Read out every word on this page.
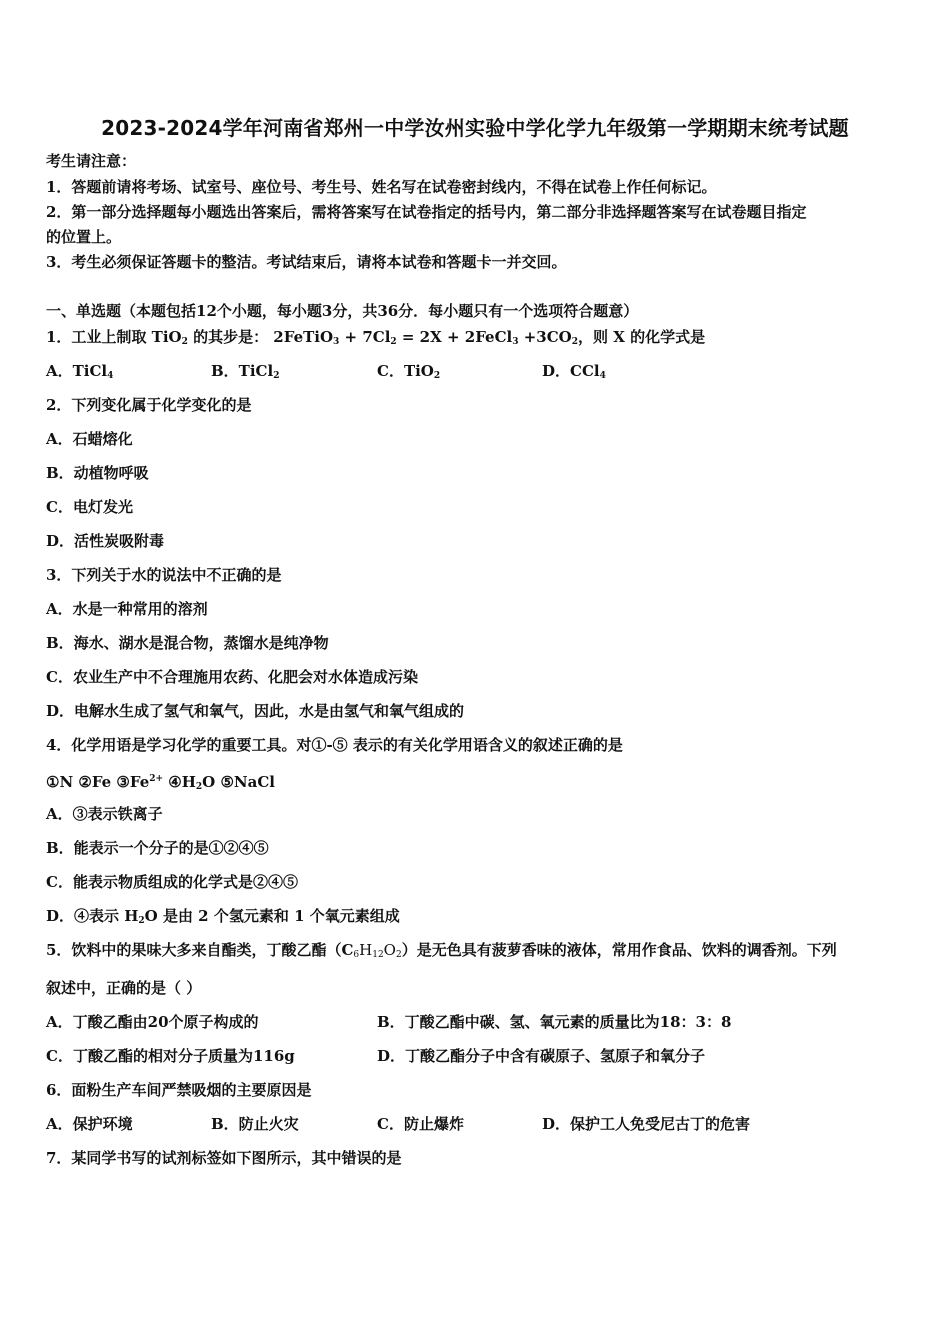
2023-2024学年河南省郑州一中学汝州实验中学化学九年级第一学期期末统考试题
考生请注意：
1．答题前请将考场、试室号、座位号、考生号、姓名写在试卷密封线内，不得在试卷上作任何标记。
2．第一部分选择题每小题选出答案后，需将答案写在试卷指定的括号内，第二部分非选择题答案写在试卷题目指定
的位置上。
3．考生必须保证答题卡的整洁。考试结束后，请将本试卷和答题卡一并交回。
一、单选题（本题包括12个小题，每小题3分，共36分．每小题只有一个选项符合题意）
1．工业上制取 TiO$_2$ 的其步是： 2FeTiO$_3$ + $7Cl_2 = 2X$ + 2FeCl$_3$ $+3CO_2$，则 X 的化学式是
A．TiCl$_4$	B．TiCl$_2$	C．TiO$_2$	D．CCl$_4$
2．下列变化属于化学变化的是
A．石蜡熔化
B．动植物呼吸
C．电灯发光
D．活性炭吸附毒
3．下列关于水的说法中不正确的是
A．水是一种常用的溶剂
B．海水、湖水是混合物，蒸馏水是纯净物
C．农业生产中不合理施用农药、化肥会对水体造成污染
D．电解水生成了氢气和氧气，因此，水是由氢气和氧气组成的
4．化学用语是学习化学的重要工具。对①-⑤ 表示的有关化学用语含义的叙述正确的是
①N ②Fe $③Fe^{2+}$ $④H_2O$ ⑤NaCl
A．③表示铁离子
B．能表示一个分子的是①②④⑤
C．能表示物质组成的化学式是②④⑤
D．④表示 $H_2O$ 是由 2 个氢元素和 1 个氧元素组成
5．饮料中的果味大多来自酯类，丁酸乙酯$(C_6H_{12}O_2)$是无色具有菠萝香味的液体，常用作食品、饮料的调香剂。下列
叙述中，正确的是（ ）
A．丁酸乙酯由20个原子构成的	B．丁酸乙酯中碳、氢、氧元素的质量比为18：3：8
C．丁酸乙酯的相对分子质量为116g	D．丁酸乙酯分子中含有碳原子、氢原子和氧分子
6．面粉生产车间严禁吸烟的主要原因是
A．保护环境	B．防止火灾	C．防止爆炸	D．保护工人免受尼古丁的危害
7．某同学书写的试剂标签如下图所示，其中错误的是
